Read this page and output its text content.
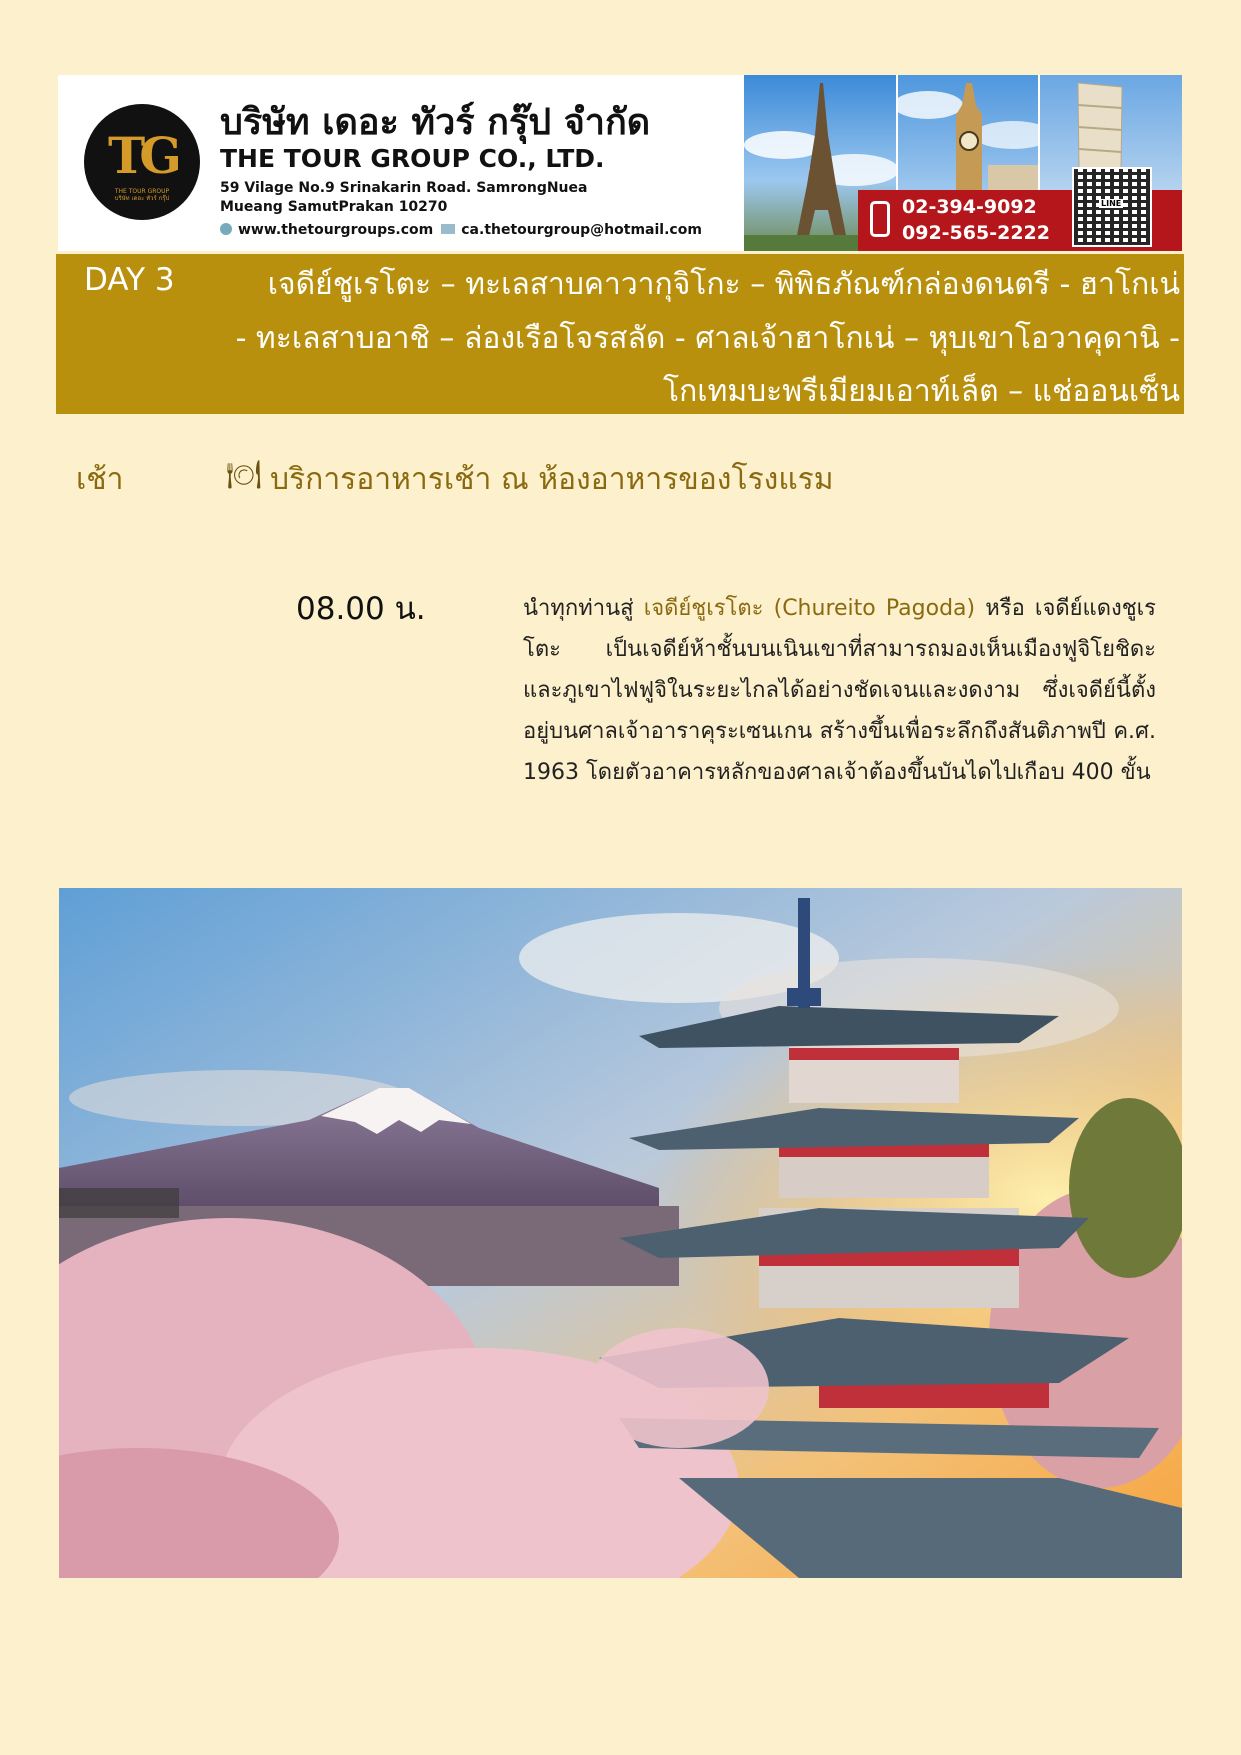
TG
THE TOUR GROUP
บริษัท เดอะ ทัวร์ กรุ๊ป
บริษัท เดอะ ทัวร์ กรุ๊ป จำกัด
THE TOUR GROUP CO., LTD.
59 Vilage No.9 Srinakarin Road. SamrongNuea
Mueang SamutPrakan 10270
www.thetourgroups.com ca.thetourgroup@hotmail.com
02-394-9092
092-565-2222
LINE
DAY 3	เจดีย์ชูเรโตะ – ทะเลสาบคาวากุจิโกะ – พิพิธภัณฑ์กล่องดนตรี - ฮาโกเน่
- ทะเลสาบอาชิ – ล่องเรือโจรสลัด - ศาลเจ้าฮาโกเน่ – หุบเขาโอวาคุดานิ -
โกเทมบะพรีเมียมเอาท์เล็ต – แช่ออนเซ็น
เช้า	🍽 บริการอาหารเช้า ณ ห้องอาหารของโรงแรม
08.00 น.	นำทุกท่านสู่ เจดีย์ชูเรโตะ (Chureito Pagoda) หรือ เจดีย์แดงชูเรโตะ เป็นเจดีย์ห้าชั้นบนเนินเขาที่สามารถมองเห็นเมืองฟูจิโยชิดะ และภูเขาไฟฟูจิในระยะไกลได้อย่างชัดเจนและงดงาม ซึ่งเจดีย์นี้ตั้งอยู่บนศาลเจ้าอาราคุระเซนเกน สร้างขึ้นเพื่อระลึกถึงสันติภาพปี ค.ศ. 1963 โดยตัวอาคารหลักของศาลเจ้าต้องขึ้นบันไดไปเกือบ 400 ขั้น
